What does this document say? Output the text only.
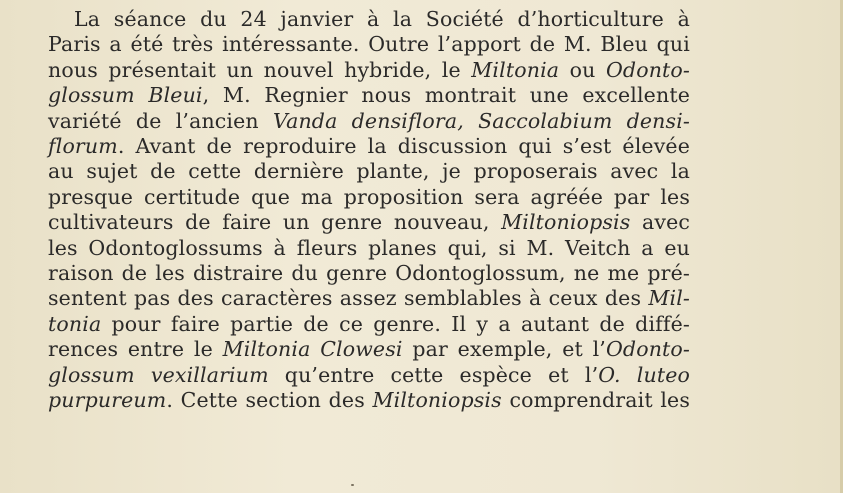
La séance du 24 janvier à la Société d’horticulture à
Paris a été très intéressante. Outre l’apport de M. Bleu qui
nous présentait un nouvel hybride, le Miltonia ou Odonto-
glossum Bleui, M. Regnier nous montrait une excellente
variété de l’ancien Vanda densiflora, Saccolabium densi-
florum. Avant de reproduire la discussion qui s’est élevée
au sujet de cette dernière plante, je proposerais avec la
presque certitude que ma proposition sera agréée par les
cultivateurs de faire un genre nouveau, Miltoniopsis avec
les Odontoglossums à fleurs planes qui, si M. Veitch a eu
raison de les distraire du genre Odontoglossum, ne me pré-
sentent pas des caractères assez semblables à ceux des Mil-
tonia pour faire partie de ce genre. Il y a autant de diffé-
rences entre le Miltonia Clowesi par exemple, et l’Odonto-
glossum vexillarium qu’entre cette espèce et l’O. luteo
purpureum. Cette section des Miltoniopsis comprendrait les
